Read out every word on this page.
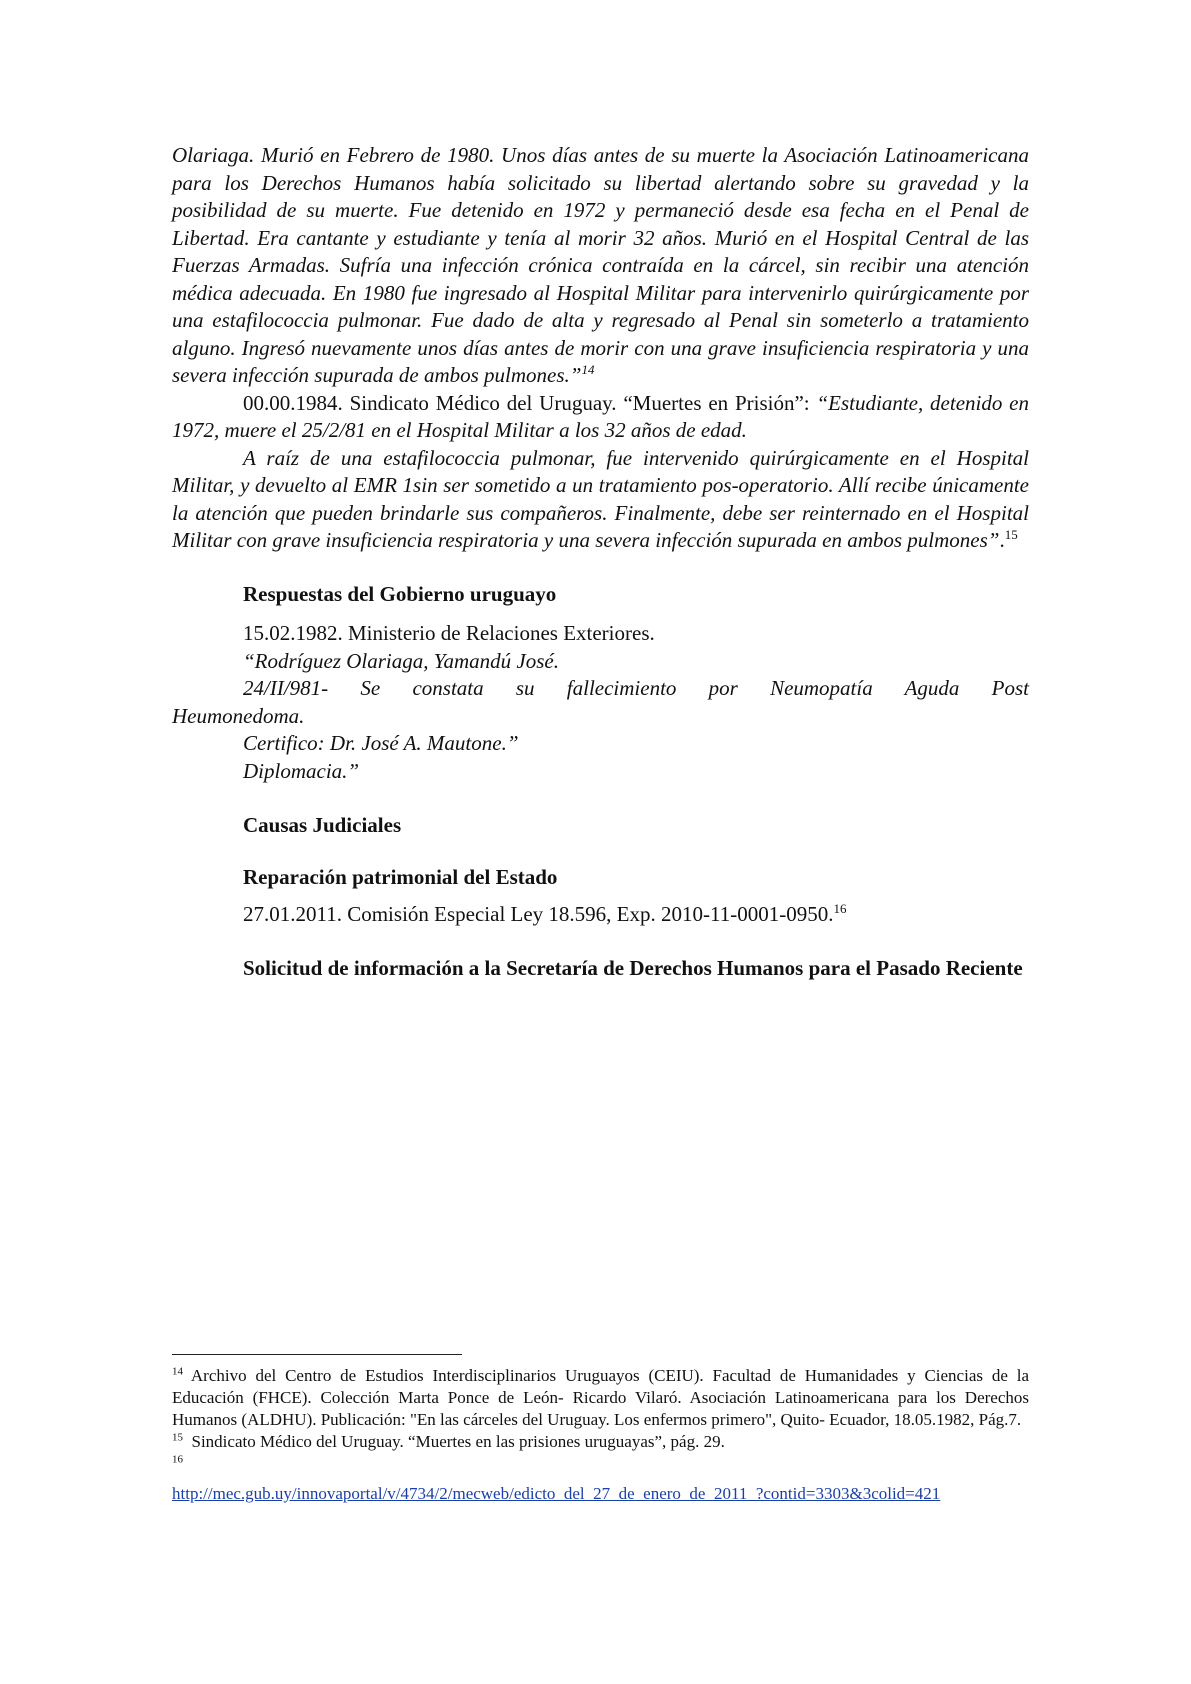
Olariaga. Murió en Febrero de 1980. Unos días antes de su muerte la Asociación Latinoamericana para los Derechos Humanos había solicitado su libertad alertando sobre su gravedad y la posibilidad de su muerte. Fue detenido en 1972 y permaneció desde esa fecha en el Penal de Libertad. Era cantante y estudiante y tenía al morir 32 años. Murió en el Hospital Central de las Fuerzas Armadas. Sufría una infección crónica contraída en la cárcel, sin recibir una atención médica adecuada. En 1980 fue ingresado al Hospital Militar para intervenirlo quirúrgicamente por una estafilococcia pulmonar. Fue dado de alta y regresado al Penal sin someterlo a tratamiento alguno. Ingresó nuevamente unos días antes de morir con una grave insuficiencia respiratoria y una severa infección supurada de ambos pulmones.”$^{14}$

00.00.1984. Sindicato Médico del Uruguay. “Muertes en Prisión”: “Estudiante, detenido en 1972, muere el 25/2/81 en el Hospital Militar a los 32 años de edad.

A raíz de una estafilococcia pulmonar, fue intervenido quirúrgicamente en el Hospital Militar, y devuelto al EMR 1sin ser sometido a un tratamiento pos-operatorio. Allí recibe únicamente la atención que pueden brindarle sus compañeros. Finalmente, debe ser reinternado en el Hospital Militar con grave insuficiencia respiratoria y una severa infección supurada en ambos pulmones”.$^{15}$

Respuestas del Gobierno uruguayo

15.02.1982. Ministerio de Relaciones Exteriores.

“Rodríguez Olariaga, Yamandú José.

24/II/981- Se constata su fallecimiento por Neumopatía Aguda Post

Heumonedoma.

Certifico: Dr. José A. Mautone.”

Diplomacia.”

Causas Judiciales
Reparación patrimonial del Estado

27.01.2011. Comisión Especial Ley 18.596, Exp. 2010-11-0001-0950.16

Solicitud de información a la Secretaría de Derechos Humanos para el Pasado Reciente

$^{14}$ Archivo del Centro de Estudios Interdisciplinarios Uruguayos (CEIU). Facultad de Humanidades y Ciencias de la Educación (FHCE). Colección Marta Ponce de León- Ricardo Vilaró. Asociación Latinoamericana para los Derechos Humanos (ALDHU). Publicación: "En las cárceles del Uruguay. Los enfermos primero", Quito- Ecuador, 18.05.1982, Pág.7.

$^{15}$ Sindicato Médico del Uruguay. “Muertes en las prisiones uruguayas”, pág. 29.

$^{16}$

http://mec.gub.uy/innovaportal/v/4734/2/mecweb/edicto_del_27_de_enero_de_2011_?contid=3303&3colid=421
